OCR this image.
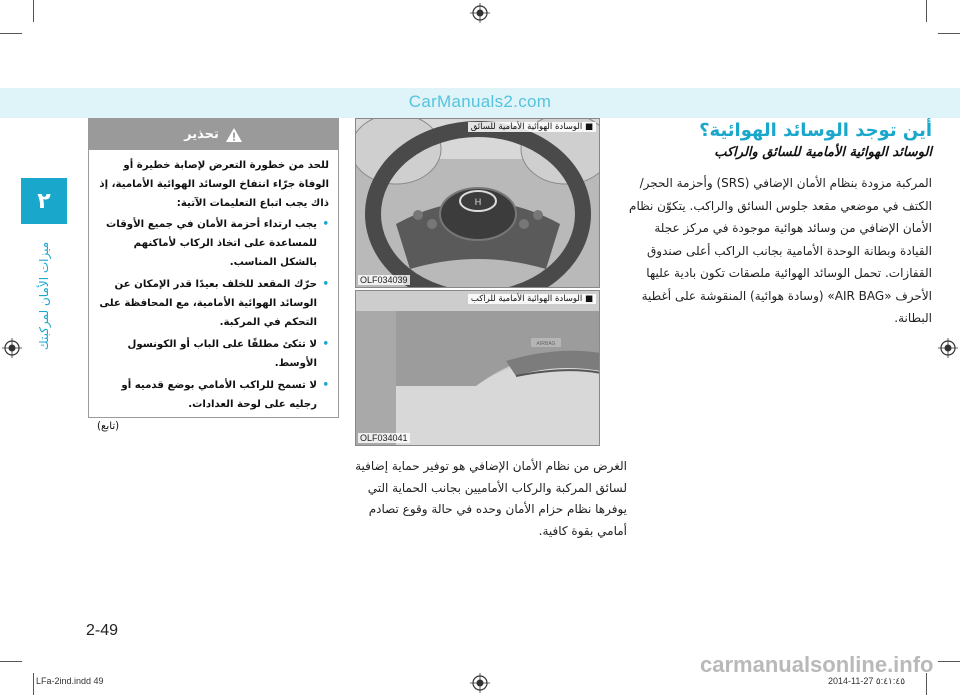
CarManuals2.com
٢
ميزات الأمان لمركبتك
2-49
تحذير
للحد من خطورة التعرض لإصابة خطيرة أو الوفاة جرّاء انتفاخ الوسائد الهوائية الأمامية، إذ ذاك يجب اتباع التعليمات الآتية:
•
يجب ارتداء أحزمة الأمان في جميع الأوقات للمساعدة على اتخاذ الركاب لأماكنهم بالشكل المناسب.
•
حرّك المقعد للخلف بعيدًا قدر الإمكان عن الوسائد الهوائية الأمامية، مع المحافظة على التحكم في المركبة.
•
لا تتكئ مطلقًا على الباب أو الكونسول الأوسط.
•
لا تسمح للراكب الأمامي بوضع قدميه أو رجليه على لوحة العدادات.
(تابع)
H
■ الوسادة الهوائية الأمامية للسائق
OLF034039
AIRBAG
■ الوسادة الهوائية الأمامية للراكب
OLF034041
الغرض من نظام الأمان الإضافي هو توفير حماية إضافية لسائق المركبة والركاب الأماميين بجانب الحماية التي يوفرها نظام حزام الأمان وحده في حالة وقوع تصادم أمامي بقوة كافية.
أين توجد الوسائد الهوائية؟
الوسائد الهوائية الأمامية للسائق والراكب
المركبة مزودة بنظام الأمان الإضافي (SRS) وأحزمة الحجر/الكتف في موضعي مقعد جلوس السائق والراكب. يتكوّن نظام الأمان الإضافي من وسائد هوائية موجودة في مركز عجلة القيادة وبطانة الوحدة الأمامية بجانب الراكب أعلى صندوق القفازات. تحمل الوسائد الهوائية ملصقات تكون بادية عليها الأحرف «AIR BAG» (وسادة هوائية) المنقوشة على أغطية البطانة.
carmanualsonline.info
LFa-2ind.indd 49	2014-11-27 ٥:٤١:٤٥
